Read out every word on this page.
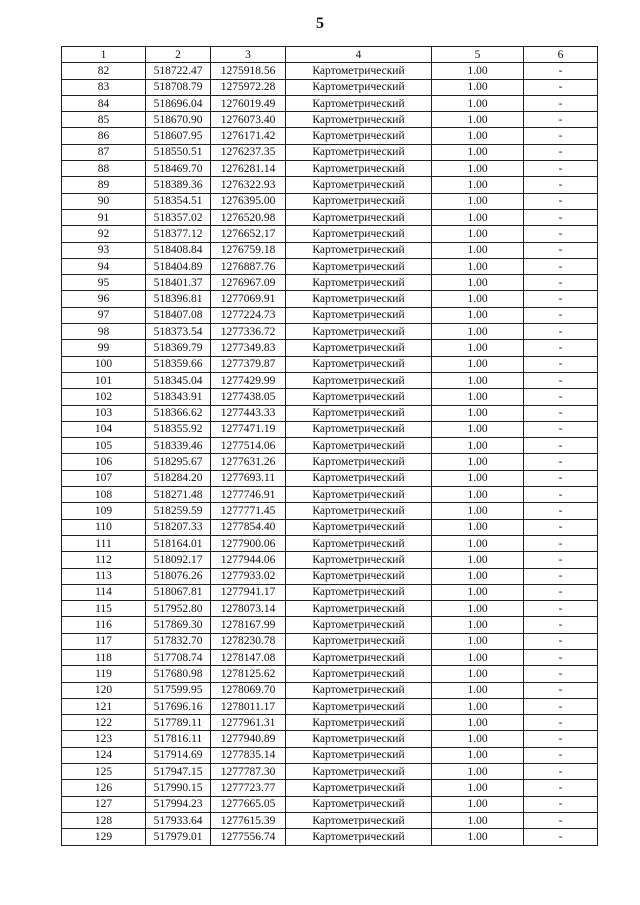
5
1	2	3	4	5	6
82	518722.47	1275918.56	Картометрический	1.00	-
83	518708.79	1275972.28	Картометрический	1.00	-
84	518696.04	1276019.49	Картометрический	1.00	-
85	518670.90	1276073.40	Картометрический	1.00	-
86	518607.95	1276171.42	Картометрический	1.00	-
87	518550.51	1276237.35	Картометрический	1.00	-
88	518469.70	1276281.14	Картометрический	1.00	-
89	518389.36	1276322.93	Картометрический	1.00	-
90	518354.51	1276395.00	Картометрический	1.00	-
91	518357.02	1276520.98	Картометрический	1.00	-
92	518377.12	1276652.17	Картометрический	1.00	-
93	518408.84	1276759.18	Картометрический	1.00	-
94	518404.89	1276887.76	Картометрический	1.00	-
95	518401.37	1276967.09	Картометрический	1.00	-
96	518396.81	1277069.91	Картометрический	1.00	-
97	518407.08	1277224.73	Картометрический	1.00	-
98	518373.54	1277336.72	Картометрический	1.00	-
99	518369.79	1277349.83	Картометрический	1.00	-
100	518359.66	1277379.87	Картометрический	1.00	-
101	518345.04	1277429.99	Картометрический	1.00	-
102	518343.91	1277438.05	Картометрический	1.00	-
103	518366.62	1277443.33	Картометрический	1.00	-
104	518355.92	1277471.19	Картометрический	1.00	-
105	518339.46	1277514.06	Картометрический	1.00	-
106	518295.67	1277631.26	Картометрический	1.00	-
107	518284.20	1277693.11	Картометрический	1.00	-
108	518271.48	1277746.91	Картометрический	1.00	-
109	518259.59	1277771.45	Картометрический	1.00	-
110	518207.33	1277854.40	Картометрический	1.00	-
111	518164.01	1277900.06	Картометрический	1.00	-
112	518092.17	1277944.06	Картометрический	1.00	-
113	518076.26	1277933.02	Картометрический	1.00	-
114	518067.81	1277941.17	Картометрический	1.00	-
115	517952.80	1278073.14	Картометрический	1.00	-
116	517869.30	1278167.99	Картометрический	1.00	-
117	517832.70	1278230.78	Картометрический	1.00	-
118	517708.74	1278147.08	Картометрический	1.00	-
119	517680.98	1278125.62	Картометрический	1.00	-
120	517599.95	1278069.70	Картометрический	1.00	-
121	517696.16	1278011.17	Картометрический	1.00	-
122	517789.11	1277961.31	Картометрический	1.00	-
123	517816.11	1277940.89	Картометрический	1.00	-
124	517914.69	1277835.14	Картометрический	1.00	-
125	517947.15	1277787.30	Картометрический	1.00	-
126	517990.15	1277723.77	Картометрический	1.00	-
127	517994.23	1277665.05	Картометрический	1.00	-
128	517933.64	1277615.39	Картометрический	1.00	-
129	517979.01	1277556.74	Картометрический	1.00	-
